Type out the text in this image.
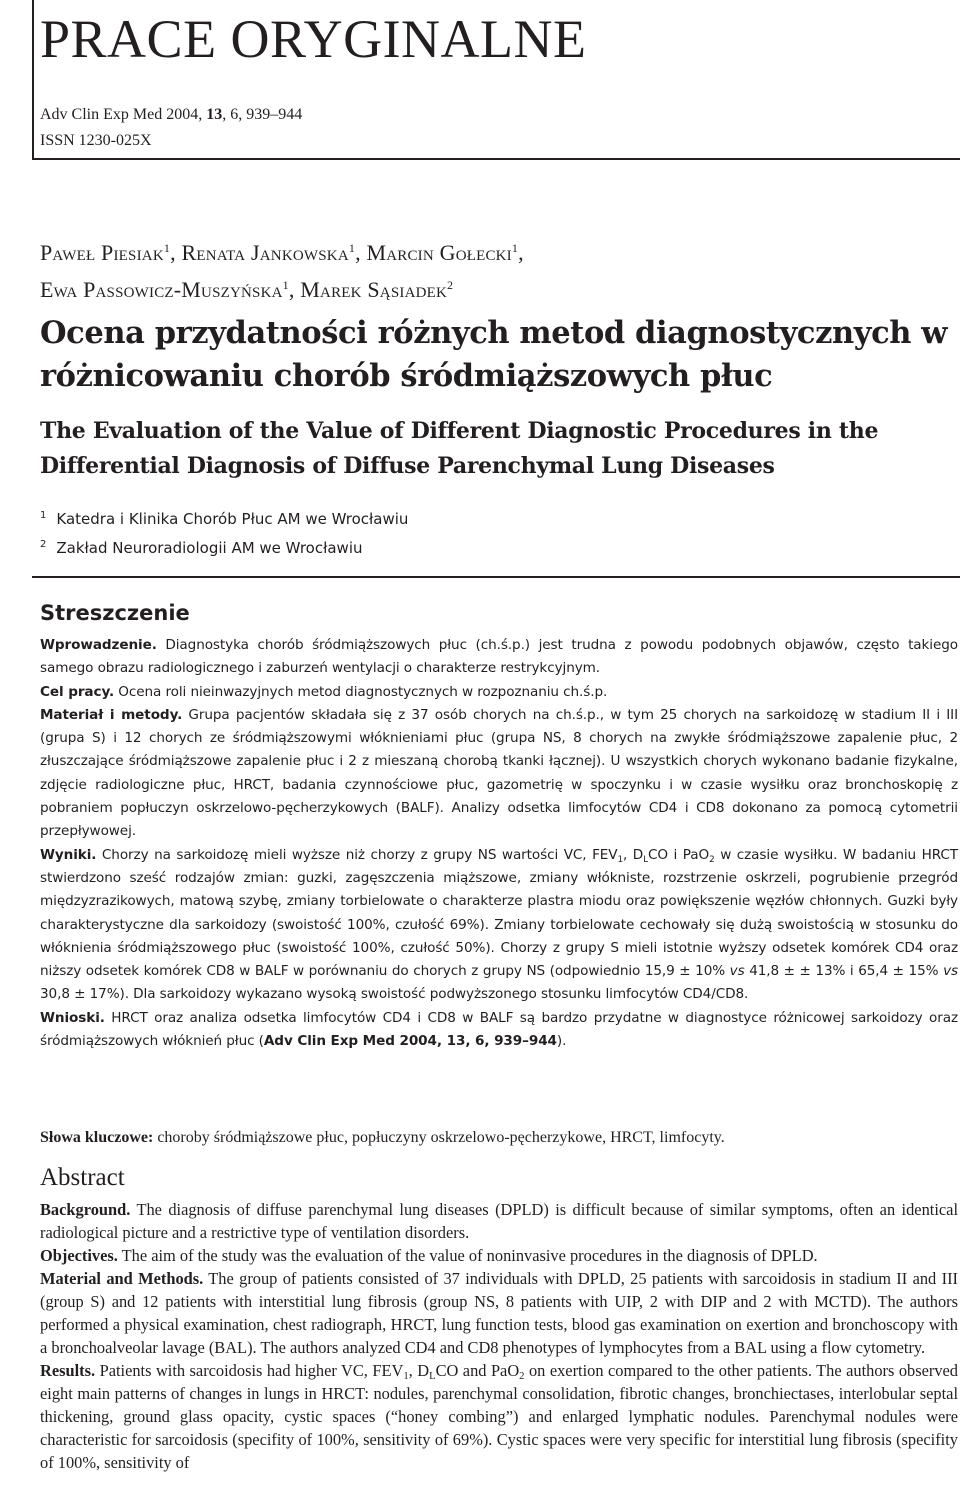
PRACE ORYGINALNE
Adv Clin Exp Med 2004, 13, 6, 939–944
ISSN 1230-025X
Paweł Piesiak$^1$, Renata Jankowska$^1$, Marcin Gołecki$^1$,
Ewa Passowicz-Muszyńska$^1$, Marek Sąsiadek$^2$
Ocena przydatności różnych metod diagnostycznych w różnicowaniu chorób śródmiąższowych płuc
The Evaluation of the Value of Different Diagnostic Procedures in the Differential Diagnosis of Diffuse Parenchymal Lung Diseases
$^1$ Katedra i Klinika Chorób Płuc AM we Wrocławiu
$^2$ Zakład Neuroradiologii AM we Wrocławiu
Streszczenie

Wprowadzenie. Diagnostyka chorób śródmiąższowych płuc (ch.ś.p.) jest trudna z powodu podobnych objawów, często takiego samego obrazu radiologicznego i zaburzeń wentylacji o charakterze restrykcyjnym.

Cel pracy. Ocena roli nieinwazyjnych metod diagnostycznych w rozpoznaniu ch.ś.p.

Materiał i metody. Grupa pacjentów składała się z 37 osób chorych na ch.ś.p., w tym 25 chorych na sarkoidozę w stadium II i III (grupa S) i 12 chorych ze śródmiąższowymi włóknieniami płuc (grupa NS, 8 chorych na zwykłe śródmiąższowe zapalenie płuc, 2 złuszczające śródmiąższowe zapalenie płuc i 2 z mieszaną chorobą tkanki łącznej). U wszystkich chorych wykonano badanie fizykalne, zdjęcie radiologiczne płuc, HRCT, badania czynnościowe płuc, gazometrię w spoczynku i w czasie wysiłku oraz bronchoskopię z pobraniem popłuczyn oskrzelowo-pęcherzykowych (BALF). Analizy odsetka limfocytów CD4 i CD8 dokonano za pomocą cytometrii przepływowej.

Wyniki. Chorzy na sarkoidozę mieli wyższe niż chorzy z grupy NS wartości VC, $FEV_1$, $D_LCO$ i PaO$_2$ w czasie wysiłku. W badaniu HRCT stwierdzono sześć rodzajów zmian: guzki, zagęszczenia miąższowe, zmiany włókniste, rozstrzenie oskrzeli, pogrubienie przegród międzyzrazikowych, matową szybę, zmiany torbielowate o charakterze plastra miodu oraz powiększenie węzłów chłonnych. Guzki były charakterystyczne dla sarkoidozy (swoistość 100%, czułość 69%). Zmiany torbielowate cechowały się dużą swoistością w stosunku do włóknienia śródmiąższowego płuc (swoistość 100%, czułość 50%). Chorzy z grupy S mieli istotnie wyższy odsetek komórek CD4 oraz niższy odsetek komórek CD8 w BALF w porównaniu do chorych z grupy NS (odpowiednio 15,9 ± 10% vs 41,8 ± ± 13% i 65,4 ± 15% vs 30,8 ± 17%). Dla sarkoidozy wykazano wysoką swoistość podwyższonego stosunku limfocytów CD4/CD8.

Wnioski. HRCT oraz analiza odsetka limfocytów CD4 i CD8 w BALF są bardzo przydatne w diagnostyce różnicowej sarkoidozy oraz śródmiąższowych włóknień płuc (Adv Clin Exp Med 2004, 13, 6, 939–944).

Słowa kluczowe: choroby śródmiąższowe płuc, popłuczyny oskrzelowo-pęcherzykowe, HRCT, limfocyty.
Abstract

Background. The diagnosis of diffuse parenchymal lung diseases (DPLD) is difficult because of similar symptoms, often an identical radiological picture and a restrictive type of ventilation disorders.

Objectives. The aim of the study was the evaluation of the value of noninvasive procedures in the diagnosis of DPLD.

Material and Methods. The group of patients consisted of 37 individuals with DPLD, 25 patients with sarcoidosis in stadium II and III (group S) and 12 patients with interstitial lung fibrosis (group NS, 8 patients with UIP, 2 with DIP and 2 with MCTD). The authors performed a physical examination, chest radiograph, HRCT, lung function tests, blood gas examination on exertion and bronchoscopy with a bronchoalveolar lavage (BAL). The authors analyzed CD4 and CD8 phenotypes of lymphocytes from a BAL using a flow cytometry.

Results. Patients with sarcoidosis had higher VC, $FEV_1$, $D_LCO$ and PaO$_2$ on exertion compared to the other patients. The authors observed eight main patterns of changes in lungs in HRCT: nodules, parenchymal consolidation, fibrotic changes, bronchiectases, interlobular septal thickening, ground glass opacity, cystic spaces (“honey combing”) and enlarged lymphatic nodules. Parenchymal nodules were characteristic for sarcoidosis (specifity of 100%, sensitivity of 69%). Cystic spaces were very specific for interstitial lung fibrosis (specifity of 100%, sensitivity of
